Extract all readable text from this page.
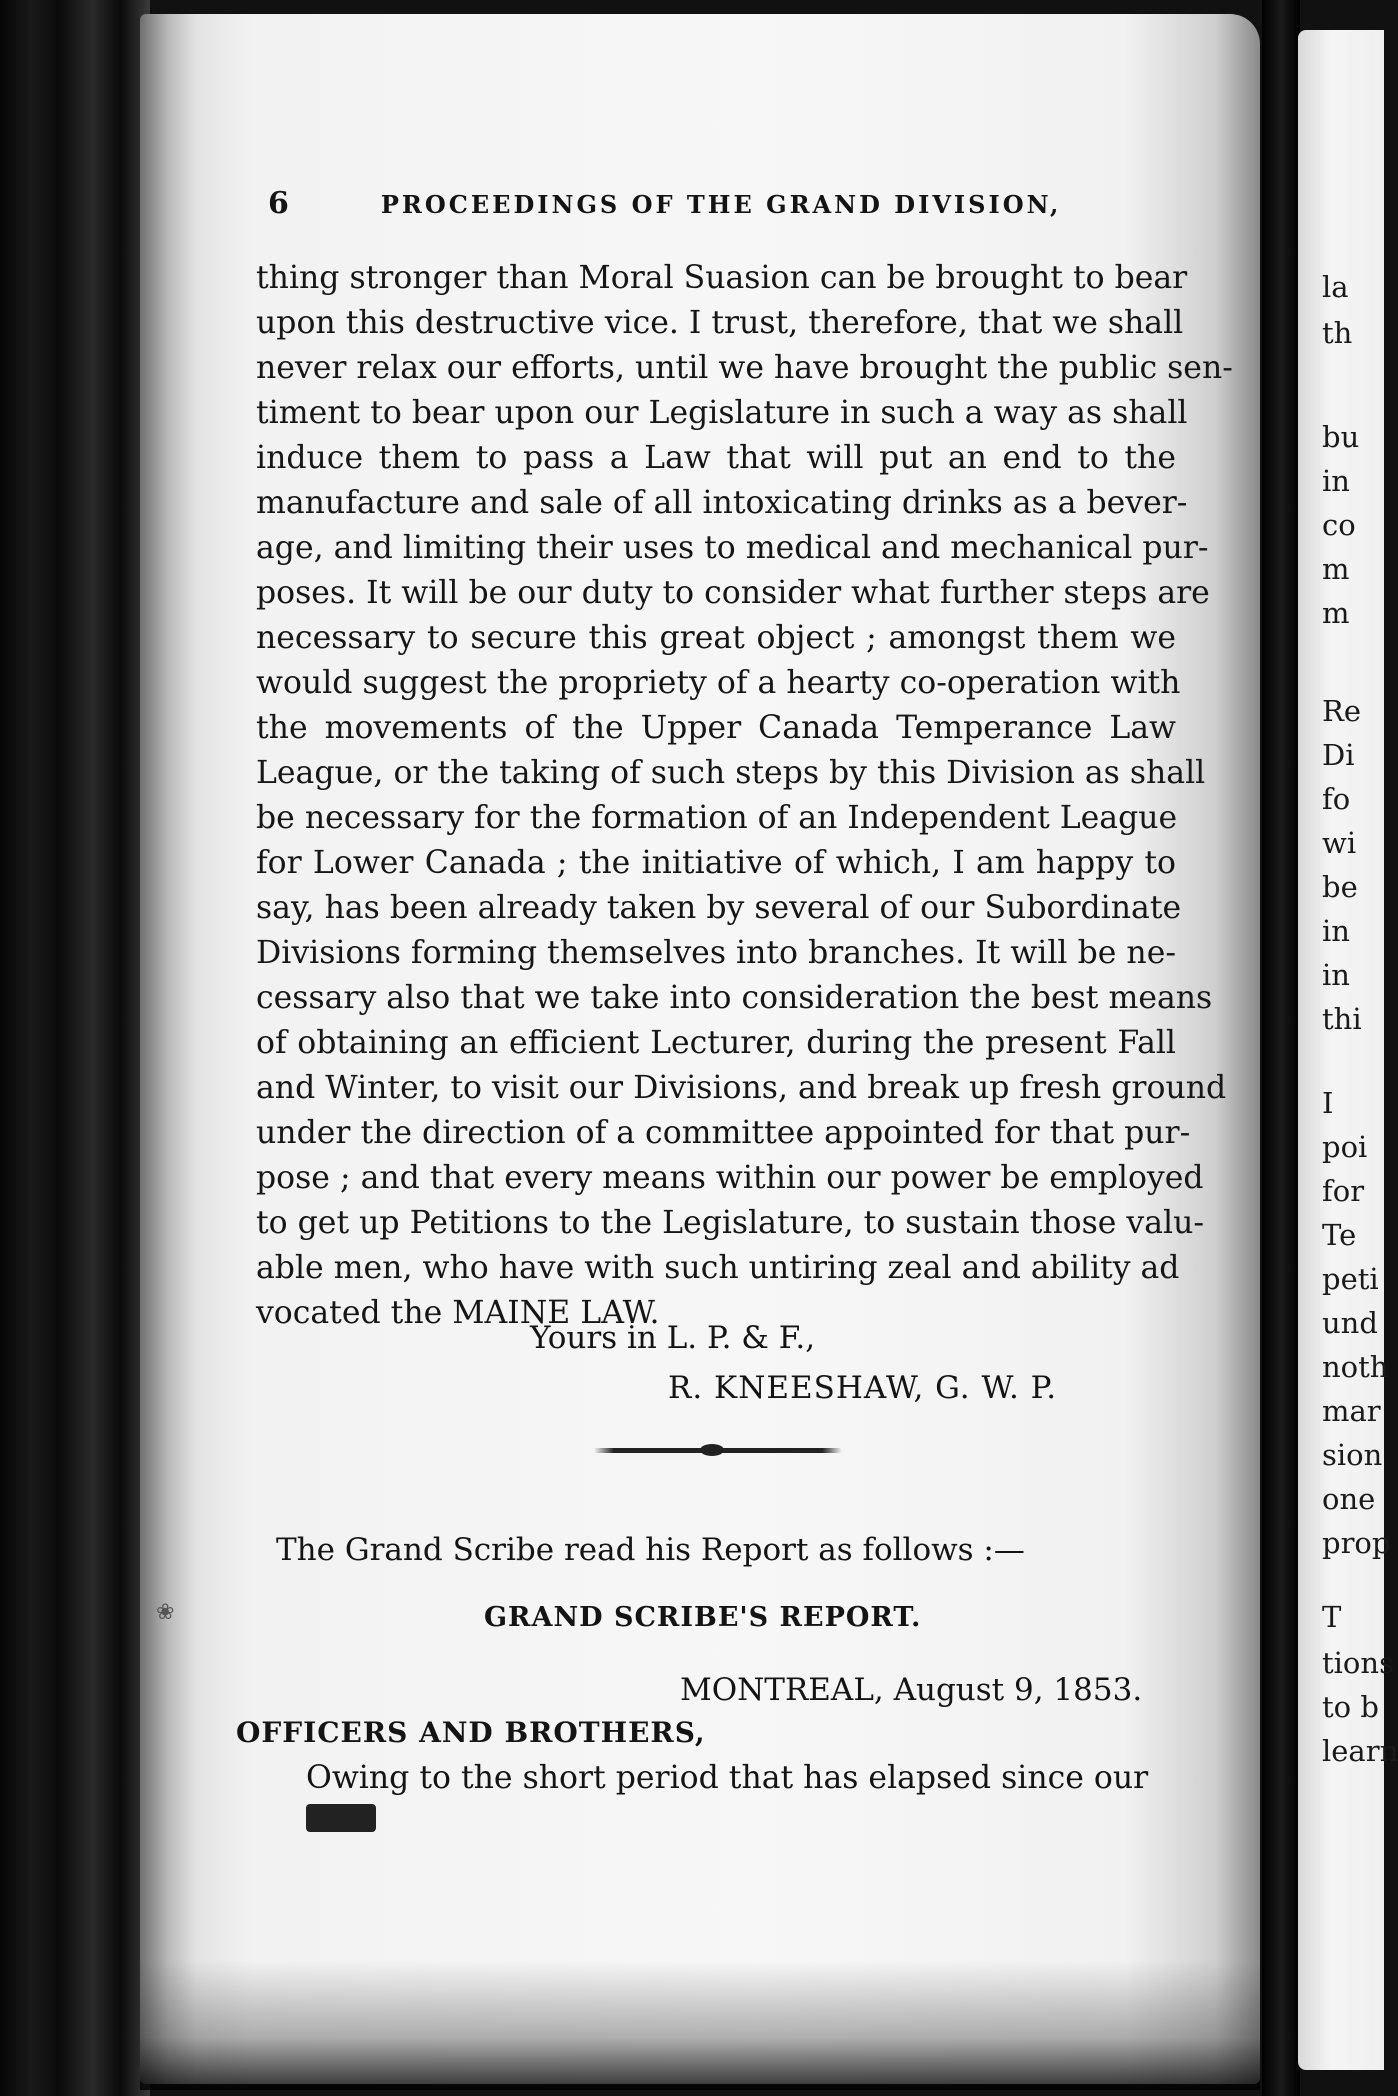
6	PROCEEDINGS OF THE GRAND DIVISION,
thing stronger than Moral Suasion can be brought to bear
upon this destructive vice. I trust, therefore, that we shall
never relax our efforts, until we have brought the public sen-
timent to bear upon our Legislature in such a way as shall
induce them to pass a Law that will put an end to the
manufacture and sale of all intoxicating drinks as a bever-
age, and limiting their uses to medical and mechanical pur-
poses. It will be our duty to consider what further steps are
necessary to secure this great object ; amongst them we
would suggest the propriety of a hearty co-operation with
the movements of the Upper Canada Temperance Law
League, or the taking of such steps by this Division as shall
be necessary for the formation of an Independent League
for Lower Canada ; the initiative of which, I am happy to
say, has been already taken by several of our Subordinate
Divisions forming themselves into branches. It will be ne-
cessary also that we take into consideration the best means
of obtaining an efficient Lecturer, during the present Fall
and Winter, to visit our Divisions, and break up fresh ground
under the direction of a committee appointed for that pur-
pose ; and that every means within our power be employed
to get up Petitions to the Legislature, to sustain those valu-
able men, who have with such untiring zeal and ability ad
vocated the MAINE LAW.
Yours in L. P. & F.,
R. KNEESHAW, G. W. P.
The Grand Scribe read his Report as follows :—
GRAND SCRIBE'S REPORT.
MONTREAL, August 9, 1853.
OFFICERS AND BROTHERS,
Owing to the short period that has elapsed since our
❀
la
th
bu
in
co
m
m
Re
Di
fo
wi
be
in
in
thi
I
poi
for
Te
peti
und
noth
mar
sion
one
prop
T
tions
to b
learn
